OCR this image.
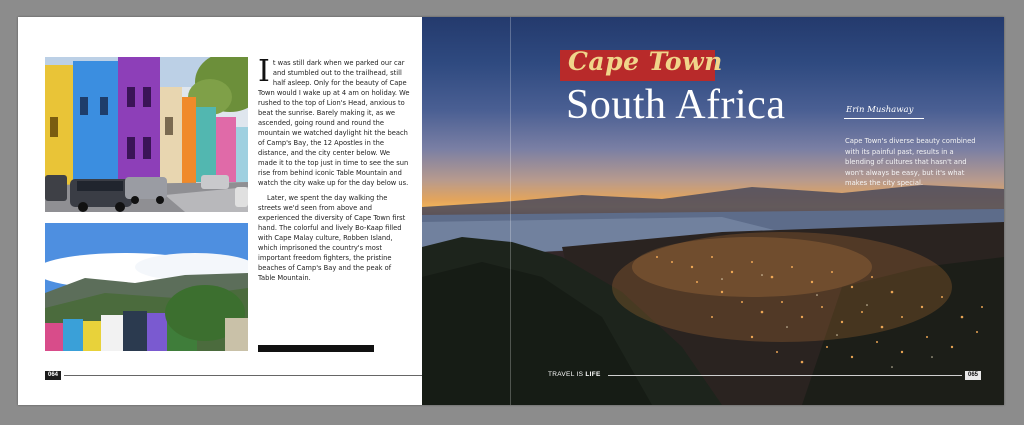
It was still dark when we parked our car and stumbled out to the trailhead, still half asleep. Only for the beauty of Cape Town would I wake up at 4 am on holiday. We rushed to the top of Lion's Head, anxious to beat the sunrise. Barely making it, as we ascended, going round and round the mountain we watched daylight hit the beach of Camp's Bay, the 12 Apostles in the distance, and the city center below. We made it to the top just in time to see the sun rise from behind iconic Table Mountain and watch the city wake up for the day below us.

Later, we spent the day walking the streets we'd seen from above and experienced the diversity of Cape Town first hand. The colorful and lively Bo-Kaap filled with Cape Malay culture, Robben Island, which imprisoned the country's most important freedom fighters, the pristine beaches of Camp's Bay and the peak of Table Mountain.

064
Cape Town
South Africa	Erin Mushaway
Cape Town's diverse beauty combined with its painful past, results in a blending of cultures that hasn't and won't always be easy, but it's what makes the city special.
TRAVEL IS LIFE	065
